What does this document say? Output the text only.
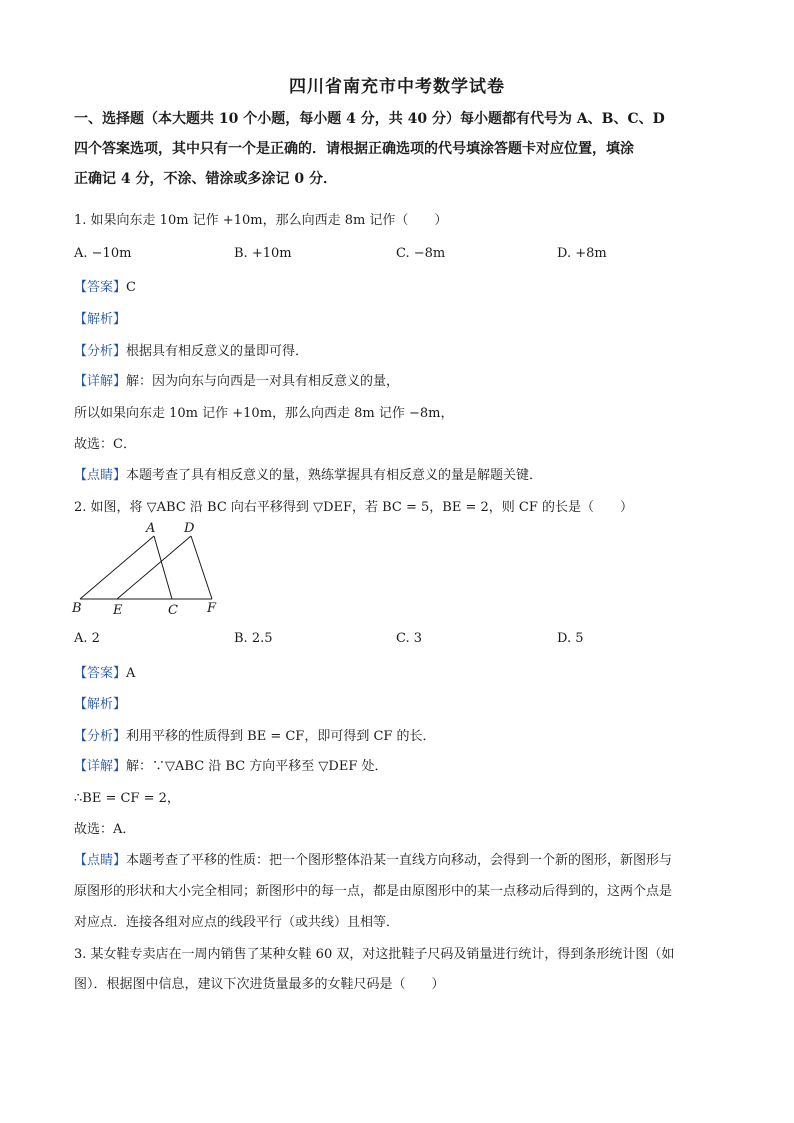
四川省南充市中考数学试卷
一、选择题（本大题共 10 个小题，每小题 4 分，共 40 分）每小题都有代号为 A、B、C、D
四个答案选项，其中只有一个是正确的．请根据正确选项的代号填涂答题卡对应位置，填涂
正确记 4 分，不涂、错涂或多涂记 0 分．
1. 如果向东走 10m 记作 +10m，那么向西走 8m 记作（　　）
A. −10m	B. +10m	C. −8m	D. +8m
【答案】C
【解析】
【分析】根据具有相反意义的量即可得．
【详解】解：因为向东与向西是一对具有相反意义的量，
所以如果向东走 10m 记作 +10m，那么向西走 8m 记作 −8m，
故选：C．
【点睛】本题考查了具有相反意义的量，熟练掌握具有相反意义的量是解题关键．
2. 如图，将 ▽ABC 沿 BC 向右平移得到 ▽DEF，若 BC = 5，BE = 2，则 CF 的长是（　　）
A D
B E	C F
A. 2	B. 2.5	C. 3	D. 5
【答案】A
【解析】
【分析】利用平移的性质得到 BE = CF，即可得到 CF 的长．
【详解】解：∵▽ABC 沿 BC 方向平移至 ▽DEF 处．
∴BE = CF = 2，
故选：A．
【点睛】本题考查了平移的性质：把一个图形整体沿某一直线方向移动，会得到一个新的图形，新图形与
原图形的形状和大小完全相同；新图形中的每一点，都是由原图形中的某一点移动后得到的，这两个点是
对应点．连接各组对应点的线段平行（或共线）且相等．
3. 某女鞋专卖店在一周内销售了某种女鞋 60 双，对这批鞋子尺码及销量进行统计，得到条形统计图（如
图）．根据图中信息，建议下次进货量最多的女鞋尺码是（　　）
